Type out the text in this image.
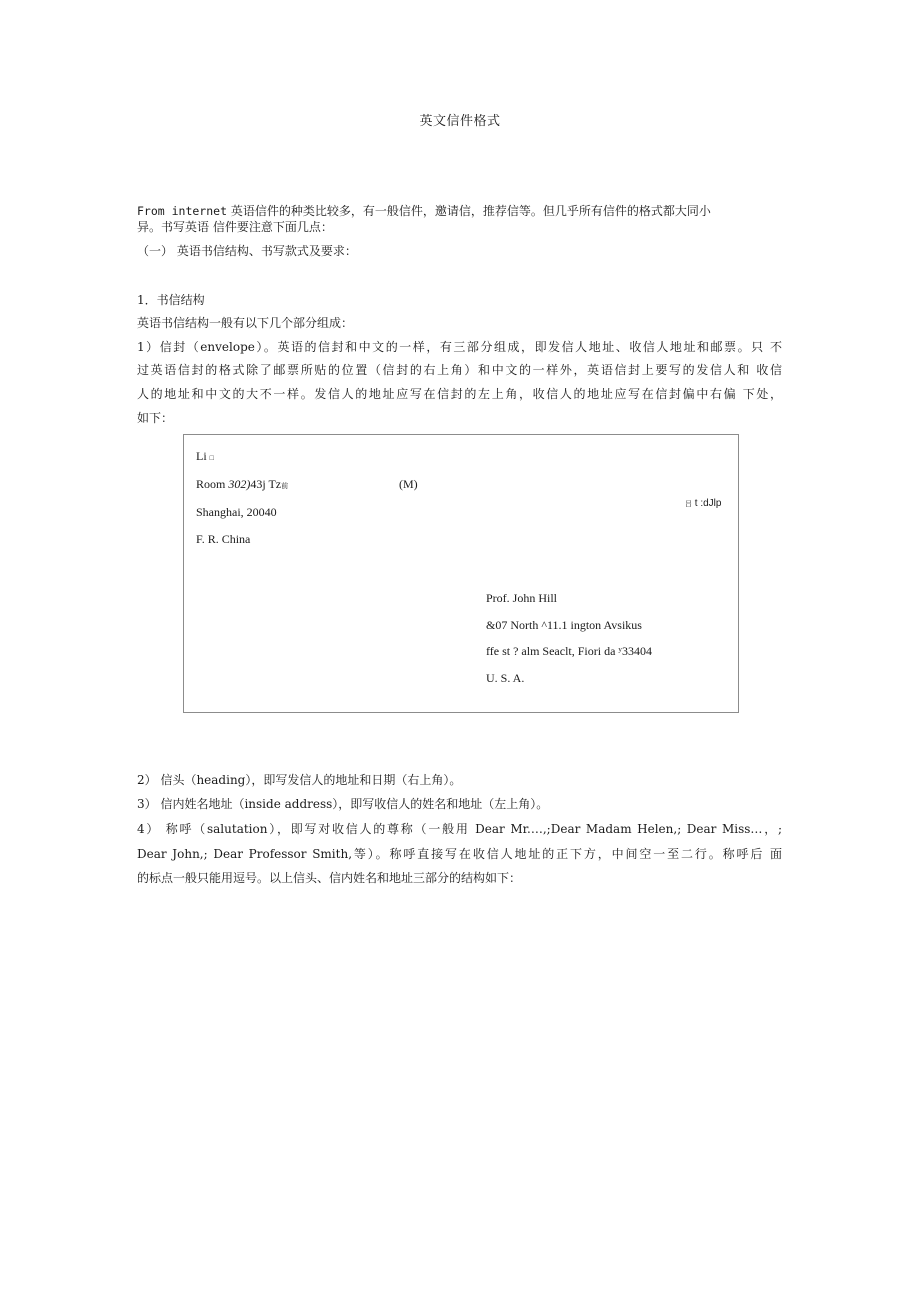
英文信件格式
From internet 英语信件的种类比较多，有一般信件，邀请信，推荐信等。但几乎所有信件的格式都大同小
异。书写英语 信件要注意下面几点：
（一） 英语书信结构、书写款式及要求：
1．书信结构
英语书信结构一般有以下几个部分组成：
1）信封（envelope）。英语的信封和中文的一样，有三部分组成，即发信人地址、收信人地址和邮票。只 不
过英语信封的格式除了邮票所贴的位置（信封的右上角）和中文的一样外，英语信封上要写的发信人和 收信
人的地址和中文的大不一样。发信人的地址应写在信封的左上角，收信人的地址应写在信封偏中右偏 下处，
如下：
Li □
Room 302)43j Tz前	(M)
Shanghai, 20040
F. R. China
吕 t :dJlp
Prof. John Hill
&07 North ^11.1 ington Avsikus
ffe st ? alm Seaclt, Fiori da ʸ33404
U. S. A.
2） 信头（heading），即写发信人的地址和日期（右上角）。
3） 信内姓名地址（inside address），即写收信人的姓名和地址（左上角）。
4） 称呼（salutation），即写对收信人的尊称（一般用 Dear Mr.…,;Dear Madam Helen,; Dear Miss…，;
Dear John,; Dear Professor Smith,等）。称呼直接写在收信人地址的正下方，中间空一至二行。称呼后 面
的标点一般只能用逗号。以上信头、信内姓名和地址三部分的结构如下：
